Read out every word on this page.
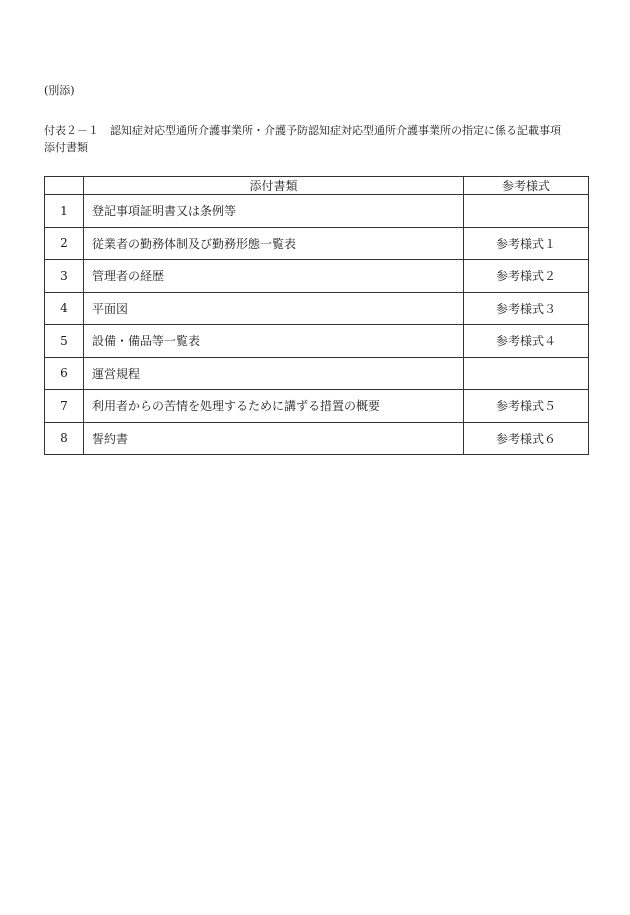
(別添)
付表２－１　認知症対応型通所介護事業所・介護予防認知症対応型通所介護事業所の指定に係る記載事項
添付書類
	添付書類	参考様式
1	登記事項証明書又は条例等	
2	従業者の勤務体制及び勤務形態一覧表	参考様式１
3	管理者の経歴	参考様式２
4	平面図	参考様式３
5	設備・備品等一覧表	参考様式４
6	運営規程	
7	利用者からの苦情を処理するために講ずる措置の概要	参考様式５
8	誓約書	参考様式６
